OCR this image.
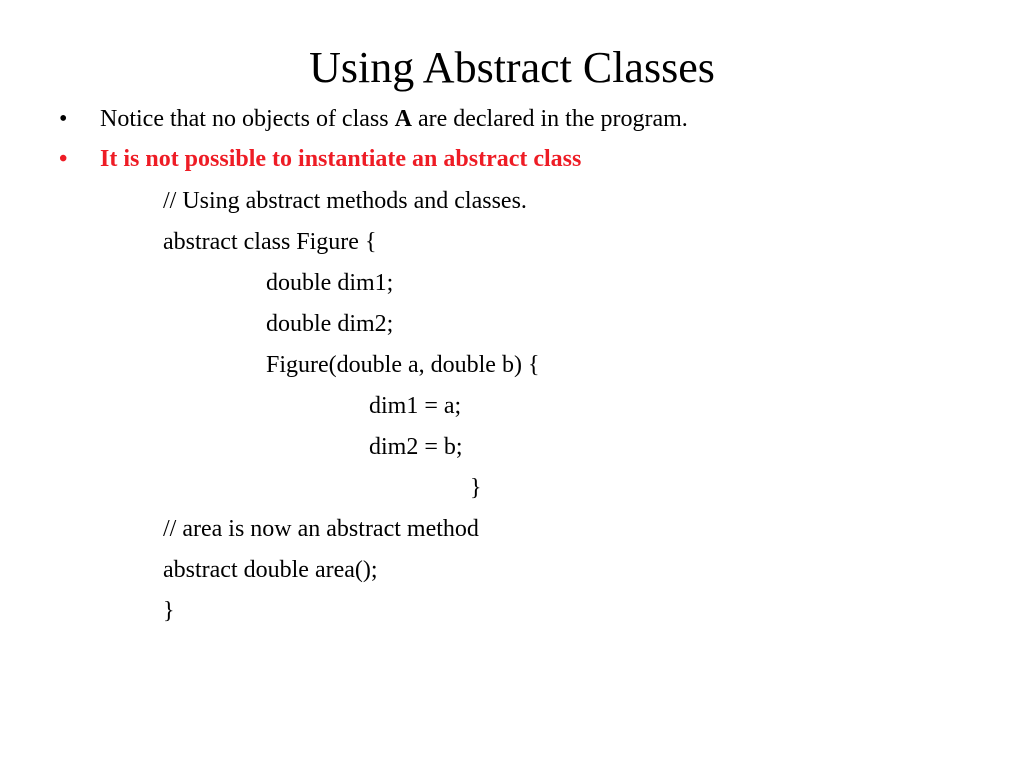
Using Abstract Classes
• Notice that no objects of class A are declared in the program.
• It is not possible to instantiate an abstract class
// Using abstract methods and classes.
abstract class Figure {
double dim1;
double dim2;
Figure(double a, double b) {
dim1 = a;
dim2 = b;
}
// area is now an abstract method
abstract double area();
}
